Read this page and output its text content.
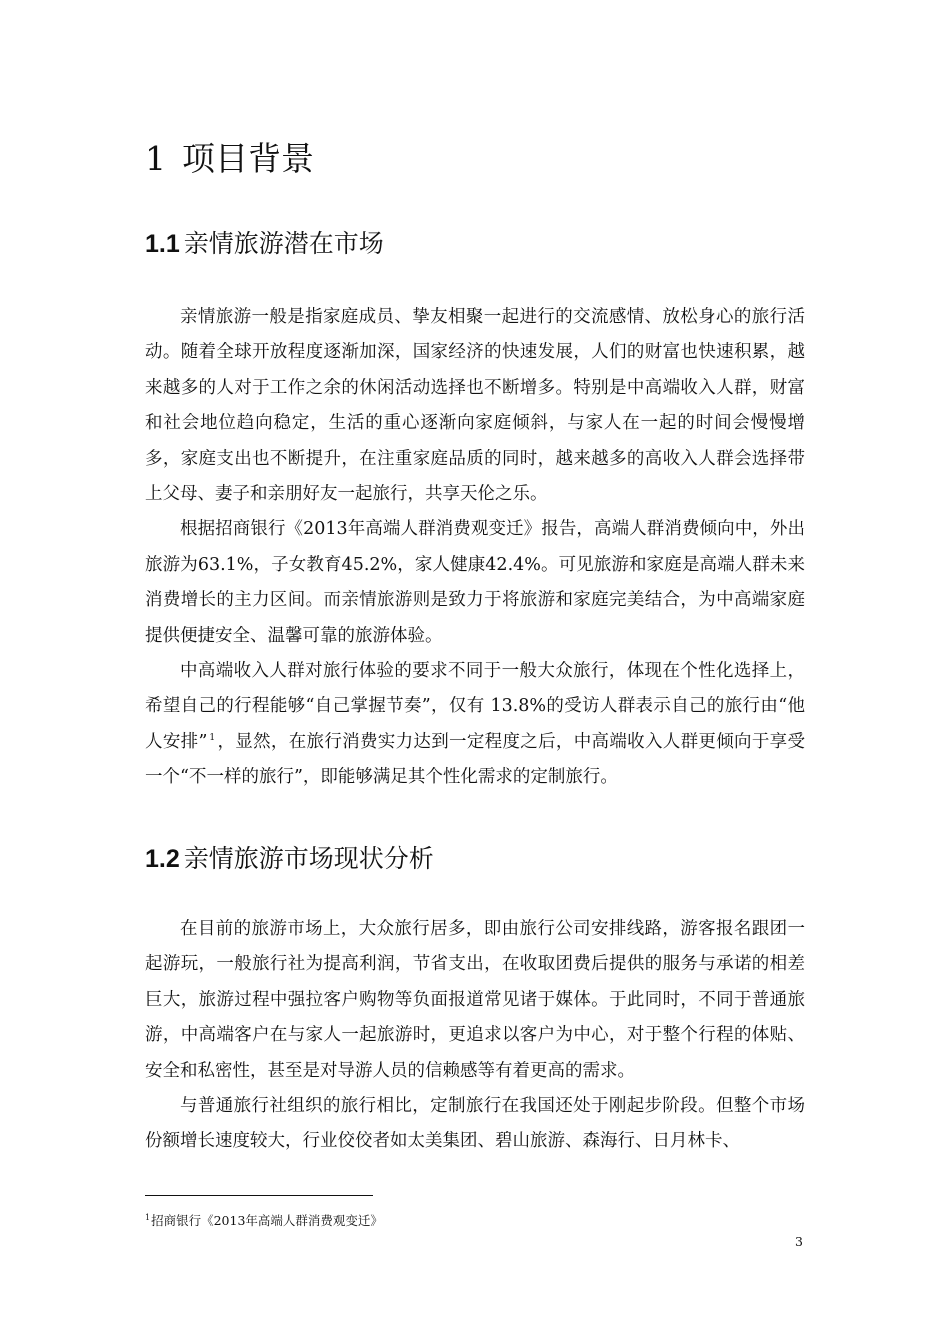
1 项目背景
1.1 亲情旅游潜在市场

亲情旅游一般是指家庭成员、挚友相聚一起进行的交流感情、放松身心的旅行活动。随着全球开放程度逐渐加深，国家经济的快速发展，人们的财富也快速积累，越来越多的人对于工作之余的休闲活动选择也不断增多。特别是中高端收入人群，财富和社会地位趋向稳定，生活的重心逐渐向家庭倾斜，与家人在一起的时间会慢慢增多，家庭支出也不断提升，在注重家庭品质的同时，越来越多的高收入人群会选择带上父母、妻子和亲朋好友一起旅行，共享天伦之乐。

根据招商银行《2013年高端人群消费观变迁》报告，高端人群消费倾向中，外出旅游为63.1%，子女教育45.2%，家人健康42.4%。可见旅游和家庭是高端人群未来消费增长的主力区间。而亲情旅游则是致力于将旅游和家庭完美结合，为中高端家庭提供便捷安全、温馨可靠的旅游体验。

中高端收入人群对旅行体验的要求不同于一般大众旅行，体现在个性化选择上，希望自己的行程能够“自己掌握节奏”，仅有 13.8%的受访人群表示自己的旅行由“他人安排” $^1$ ，显然，在旅行消费实力达到一定程度之后，中高端收入人群更倾向于享受一个“不一样的旅行”，即能够满足其个性化需求的定制旅行。

1.2 亲情旅游市场现状分析

在目前的旅游市场上，大众旅行居多，即由旅行公司安排线路，游客报名跟团一起游玩，一般旅行社为提高利润，节省支出，在收取团费后提供的服务与承诺的相差巨大，旅游过程中强拉客户购物等负面报道常见诸于媒体。于此同时，不同于普通旅游，中高端客户在与家人一起旅游时，更追求以客户为中心，对于整个行程的体贴、安全和私密性，甚至是对导游人员的信赖感等有着更高的需求。

与普通旅行社组织的旅行相比，定制旅行在我国还处于刚起步阶段。但整个市场份额增长速度较大，行业佼佼者如太美集团、碧山旅游、森海行、日月林卡、

$^1$招商银行《2013年高端人群消费观变迁》
3
